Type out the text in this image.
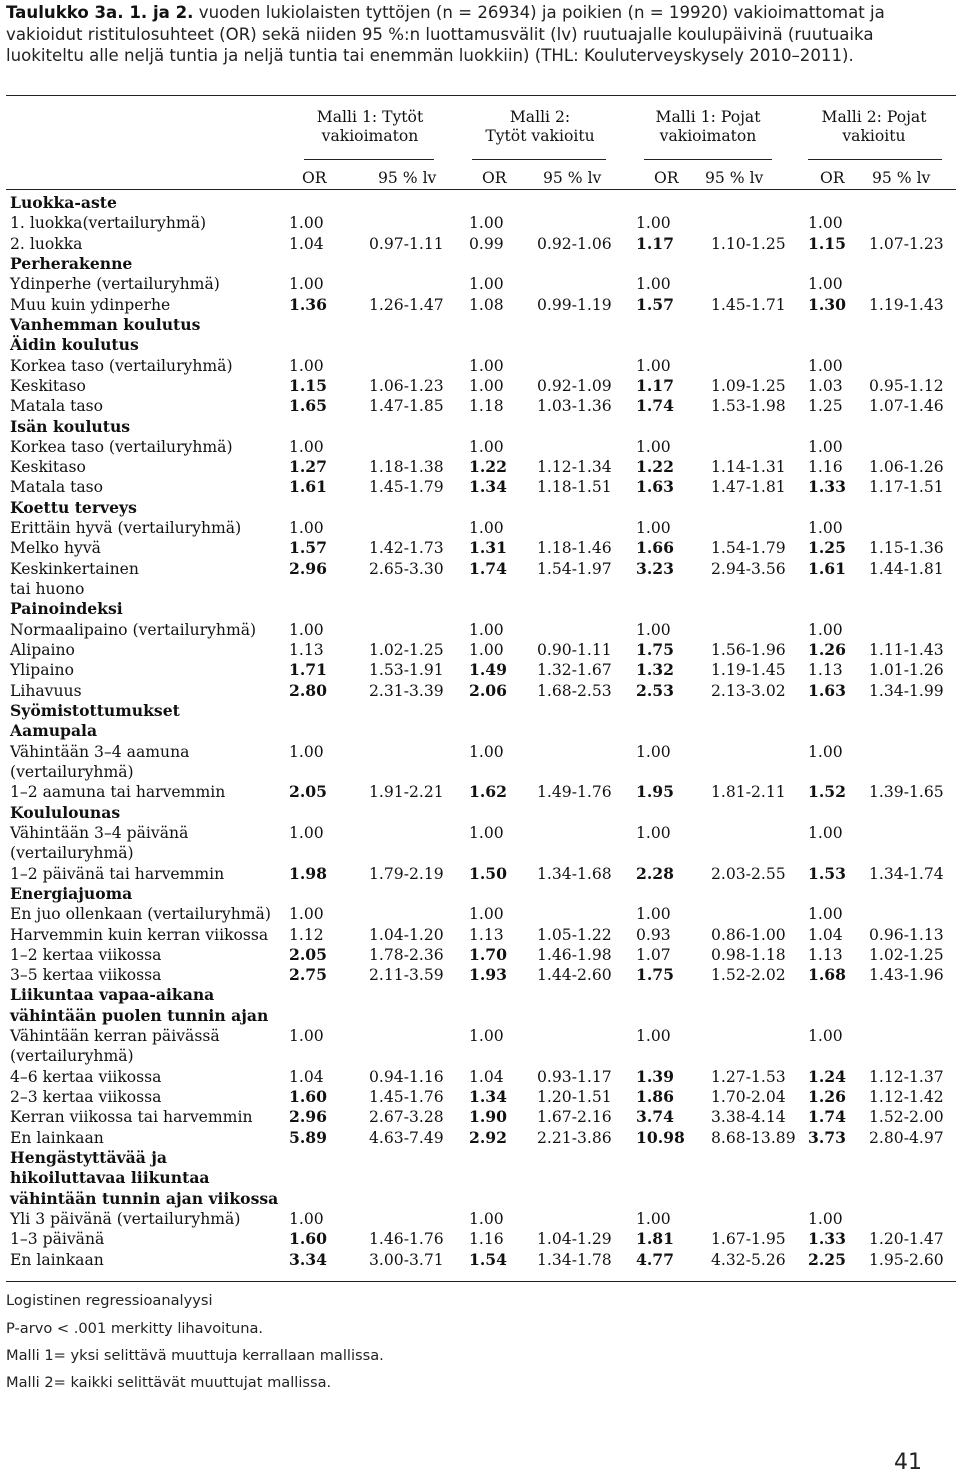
Taulukko 3a. 1. ja 2. vuoden lukiolaisten tyttöjen (n = 26934) ja poikien (n = 19920) vakioimattomat ja vakioidut ristitulosuhteet (OR) sekä niiden 95 %:n luottamusvälit (lv) ruutuajalle koulupäivinä (ruutuaika luokiteltu alle neljä tuntia ja neljä tuntia tai enemmän luokkiin) (THL: Kouluterveyskysely 2010–2011).
Malli 1: Tytöt
vakioimaton
Malli 2:
Tytöt vakioitu
Malli 1: Pojat
vakioimaton
Malli 2: Pojat
vakioitu
OR	95 % lv	OR 95 % lv	OR 95 % lv	OR 95 % lv
Luokka-aste
1. luokka(vertailuryhmä)	1.00	1.00	1.00	1.00
2. luokka	1.04	0.97-1.11 0.99 0.92-1.06 1.17 1.10-1.25 1.15 1.07-1.23
Perherakenne
Ydinperhe (vertailuryhmä)	1.00	1.00	1.00	1.00
Muu kuin ydinperhe	1.36	1.26-1.47 1.08 0.99-1.19 1.57 1.45-1.71 1.30 1.19-1.43
Vanhemman koulutus
Äidin koulutus
Korkea taso (vertailuryhmä)	1.00	1.00	1.00	1.00
Keskitaso	1.15	1.06-1.23 1.00 0.92-1.09 1.17 1.09-1.25 1.03 0.95-1.12
Matala taso	1.65	1.47-1.85 1.18 1.03-1.36 1.74 1.53-1.98 1.25 1.07-1.46
Isän koulutus
Korkea taso (vertailuryhmä)	1.00	1.00	1.00	1.00
Keskitaso	1.27	1.18-1.38 1.22 1.12-1.34 1.22 1.14-1.31 1.16 1.06-1.26
Matala taso	1.61	1.45-1.79 1.34 1.18-1.51 1.63 1.47-1.81 1.33 1.17-1.51
Koettu terveys
Erittäin hyvä (vertailuryhmä)	1.00	1.00	1.00	1.00
Melko hyvä	1.57	1.42-1.73 1.31 1.18-1.46 1.66 1.54-1.79 1.25 1.15-1.36
Keskinkertainen	2.96	2.65-3.30 1.74 1.54-1.97 3.23 2.94-3.56 1.61 1.44-1.81
tai huono
Painoindeksi
Normaalipaino (vertailuryhmä) 1.00	1.00	1.00	1.00
Alipaino	1.13	1.02-1.25 1.00 0.90-1.11 1.75 1.56-1.96 1.26 1.11-1.43
Ylipaino	1.71	1.53-1.91 1.49 1.32-1.67 1.32 1.19-1.45 1.13 1.01-1.26
Lihavuus	2.80	2.31-3.39 2.06 1.68-2.53 2.53 2.13-3.02 1.63 1.34-1.99
Syömistottumukset
Aamupala
Vähintään 3–4 aamuna	1.00	1.00	1.00	1.00
(vertailuryhmä)
1–2 aamuna tai harvemmin	2.05	1.91-2.21 1.62 1.49-1.76 1.95 1.81-2.11 1.52 1.39-1.65
Koululounas
Vähintään 3–4 päivänä	1.00	1.00	1.00	1.00
(vertailuryhmä)
1–2 päivänä tai harvemmin	1.98	1.79-2.19 1.50 1.34-1.68 2.28 2.03-2.55 1.53 1.34-1.74
Energiajuoma
En juo ollenkaan (vertailuryhmä) 1.00	1.00	1.00	1.00
Harvemmin kuin kerran viikossa 1.12	1.04-1.20 1.13 1.05-1.22 0.93	0.86-1.00 1.04 0.96-1.13
1–2 kertaa viikossa	2.05	1.78-2.36 1.70 1.46-1.98 1.07	0.98-1.18 1.13 1.02-1.25
3–5 kertaa viikossa	2.75	2.11-3.59 1.93 1.44-2.60 1.75 1.52-2.02 1.68 1.43-1.96
Liikuntaa vapaa-aikana
vähintään puolen tunnin ajan
Vähintään kerran päivässä	1.00	1.00	1.00	1.00
(vertailuryhmä)
4–6 kertaa viikossa	1.04	0.94-1.16 1.04 0.93-1.17 1.39 1.27-1.53 1.24 1.12-1.37
2–3 kertaa viikossa	1.60	1.45-1.76 1.34 1.20-1.51 1.86 1.70-2.04 1.26 1.12-1.42
Kerran viikossa tai harvemmin 2.96	2.67-3.28 1.90 1.67-2.16 3.74 3.38-4.14 1.74 1.52-2.00
En lainkaan	5.89	4.63-7.49 2.92 2.21-3.86 10.98 8.68-13.89 3.73 2.80-4.97
Hengästyttävää ja
hikoiluttavaa liikuntaa
vähintään tunnin ajan viikossa
Yli 3 päivänä (vertailuryhmä)	1.00	1.00	1.00	1.00
1–3 päivänä	1.60	1.46-1.76 1.16 1.04-1.29 1.81 1.67-1.95 1.33 1.20-1.47
En lainkaan	3.34	3.00-3.71 1.54 1.34-1.78 4.77 4.32-5.26 2.25 1.95-2.60
Logistinen regressioanalyysi
P-arvo < .001 merkitty lihavoituna.
Malli 1= yksi selittävä muuttuja kerrallaan mallissa.
Malli 2= kaikki selittävät muuttujat mallissa.
41
